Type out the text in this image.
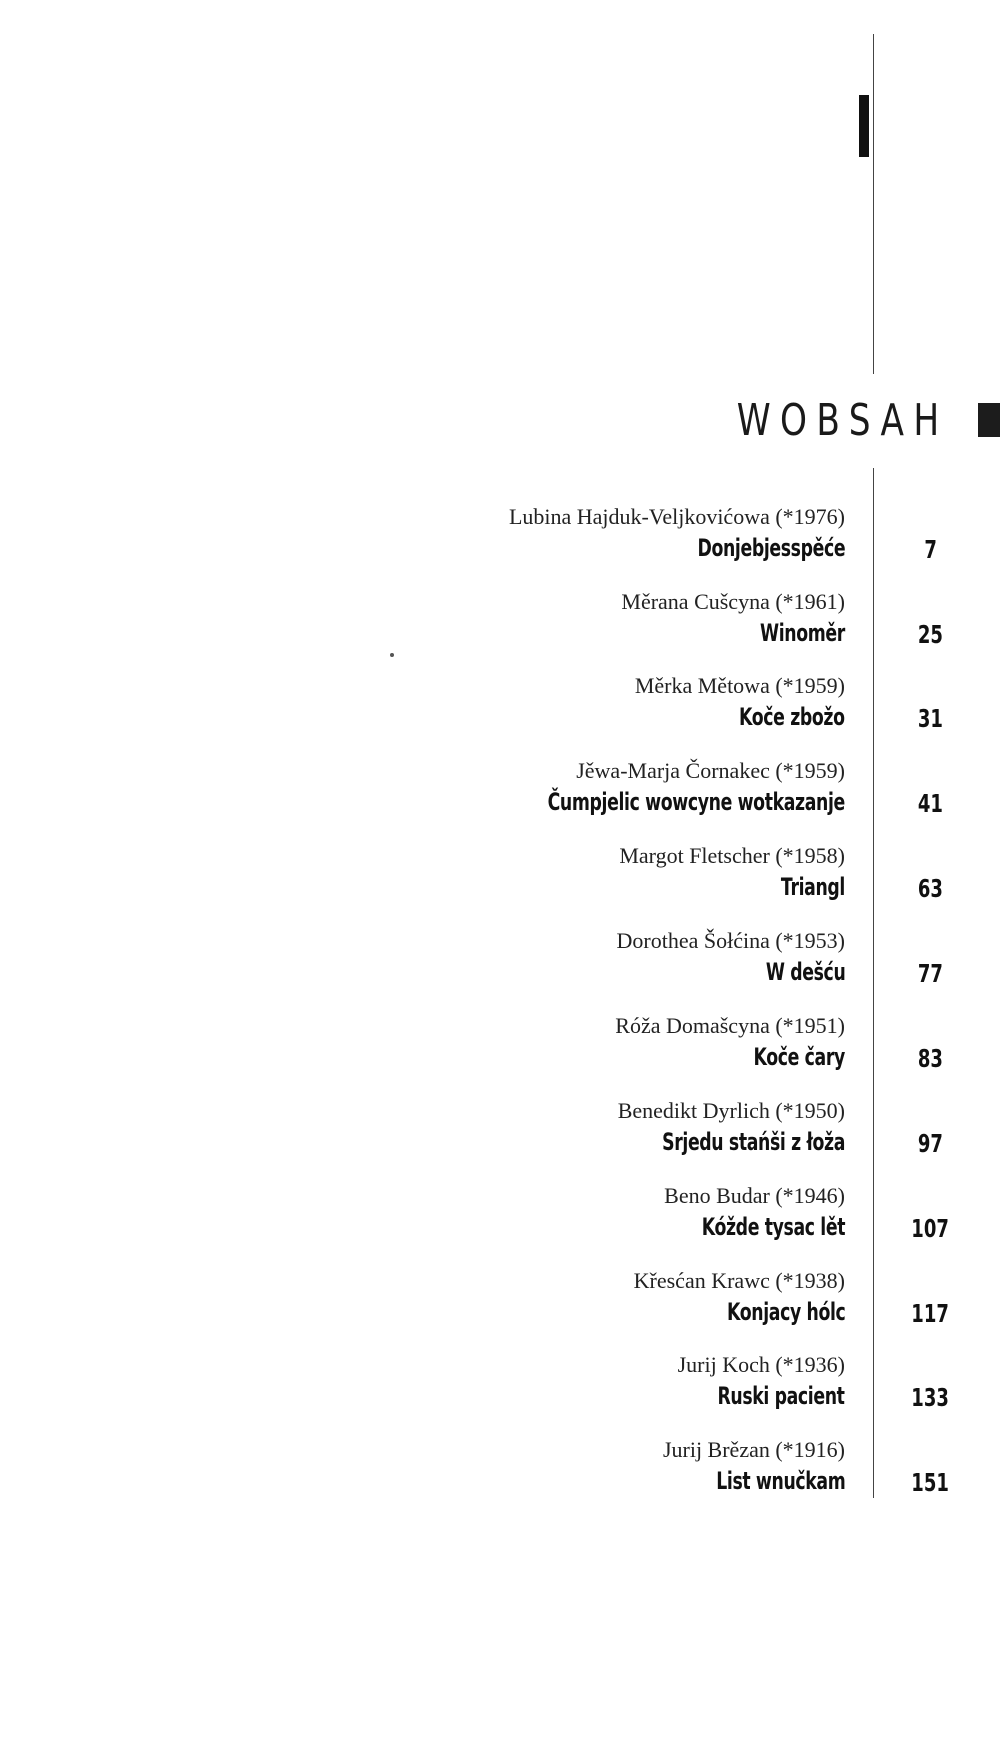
WOBSAH
Lubina Hajduk-Veljkovićowa (*1976)
Donjebjesspěće	7
Měrana Cušcyna (*1961)
Winoměr	25
Měrka Mětowa (*1959)
Koče zbožo	31
Jěwa-Marja Čornakec (*1959)
Čumpjelic wowcyne wotkazanje	41
Margot Fletscher (*1958)
Triangl	63
Dorothea Šołćina (*1953)
W dešću	77
Róža Domašcyna (*1951)
Koče čary	83
Benedikt Dyrlich (*1950)
Srjedu stańši z łoža	97
Beno Budar (*1946)
Kóžde tysac lět	107
Křesćan Krawc (*1938)
Konjacy hólc	117
Jurij Koch (*1936)
Ruski pacient	133
Jurij Brězan (*1916)
List wnučkam	151
